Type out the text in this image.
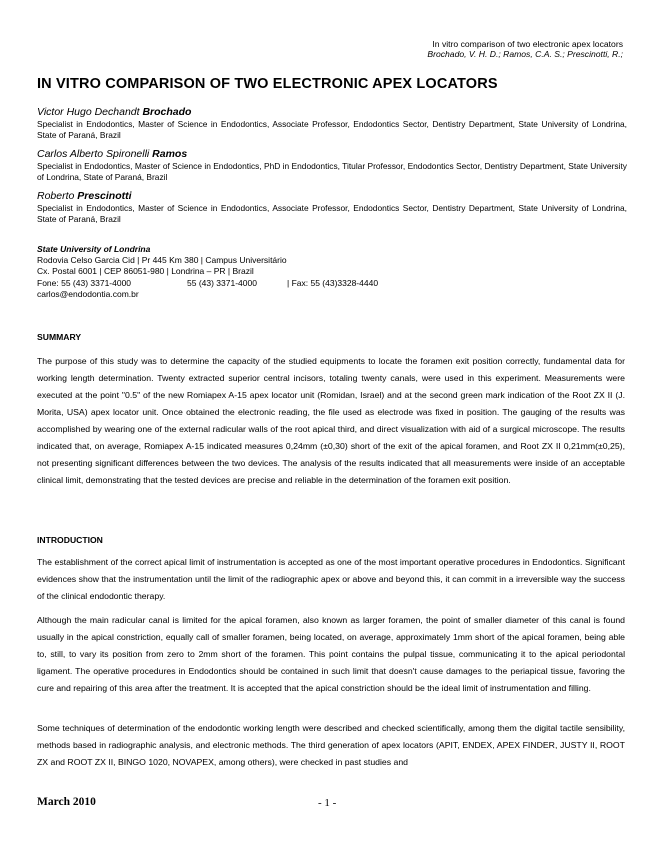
In vitro comparison of two electronic apex locators
Brochado, V. H. D.; Ramos, C.A. S.; Prescinotti, R.;
IN VITRO COMPARISON OF TWO ELECTRONIC APEX LOCATORS
Victor Hugo Dechandt Brochado
Specialist in Endodontics, Master of Science in Endodontics, Associate Professor, Endodontics Sector, Dentistry Department, State University of Londrina, State of Paraná, Brazil
Carlos Alberto Spironelli Ramos
Specialist in Endodontics, Master of Science in Endodontics, PhD in Endodontics, Titular Professor, Endodontics Sector, Dentistry Department, State University of Londrina, State of Paraná, Brazil
Roberto Prescinotti
Specialist in Endodontics, Master of Science in Endodontics, Associate Professor, Endodontics Sector, Dentistry Department, State University of Londrina, State of Paraná, Brazil
State University of Londrina
Rodovia Celso Garcia Cid | Pr 445 Km 380 | Campus Universitário
Cx. Postal 6001 | CEP 86051-980 | Londrina – PR | Brazil
Fone: 55 (43) 3371-4000	55 (43) 3371-4000	| Fax: 55 (43)3328-4440
carlos@endodontia.com.br
SUMMARY

The purpose of this study was to determine the capacity of the studied equipments to locate the foramen exit position correctly, fundamental data for working length determination. Twenty extracted superior central incisors, totaling twenty canals, were used in this experiment. Measurements were executed at the point "0.5" of the new Romiapex A-15 apex locator unit (Romidan, Israel) and at the second green mark indication of the Root ZX II (J. Morita, USA) apex locator unit. Once obtained the electronic reading, the file used as electrode was fixed in position. The gauging of the results was accomplished by wearing one of the external radicular walls of the root apical third, and direct visualization with aid of a surgical microscope. The results indicated that, on average, Romiapex A-15 indicated measures 0,24mm (±0,30) short of the exit of the apical foramen, and Root ZX II 0,21mm(±0,25), not presenting significant differences between the two devices. The analysis of the results indicated that all measurements were inside of an acceptable clinical limit, demonstrating that the tested devices are precise and reliable in the determination of the foramen exit position.

INTRODUCTION

The establishment of the correct apical limit of instrumentation is accepted as one of the most important operative procedures in Endodontics. Significant evidences show that the instrumentation until the limit of the radiographic apex or above and beyond this, it can commit in a irreversible way the success of the clinical endodontic therapy.

Although the main radicular canal is limited for the apical foramen, also known as larger foramen, the point of smaller diameter of this canal is found usually in the apical constriction, equally call of smaller foramen, being located, on average, approximately 1mm short of the apical foramen, being able to, still, to vary its position from zero to 2mm short of the foramen. This point contains the pulpal tissue, communicating it to the apical periodontal ligament. The operative procedures in Endodontics should be contained in such limit that doesn't cause damages to the periapical tissue, favoring the cure and repairing of this area after the treatment. It is accepted that the apical constriction should be the ideal limit of instrumentation and filling.

Some techniques of determination of the endodontic working length were described and checked scientifically, among them the digital tactile sensibility, methods based in radiographic analysis, and electronic methods. The third generation of apex locators (APIT, ENDEX, APEX FINDER, JUSTY II, ROOT ZX and ROOT ZX II, BINGO 1020, NOVAPEX, among others), were checked in past studies and

March 2010	- 1 -
